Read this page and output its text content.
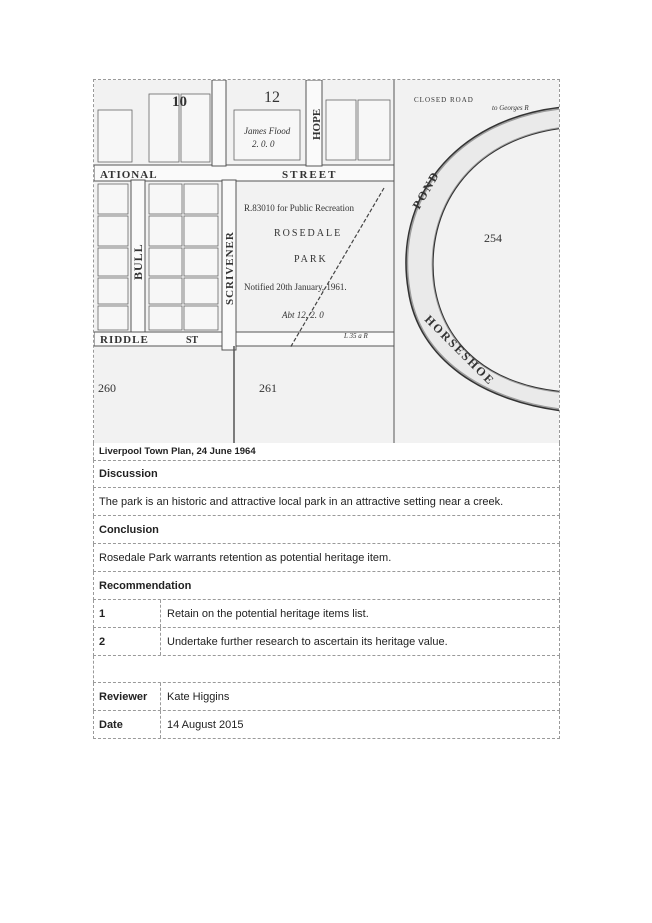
12
10
James Flood
2. 0. 0
HOPE
ATIONAL	STREET
BULL	SCRIVENER
RIDDLE	ST
R.83010 for Public Recreation
ROSEDALE
PARK
Notified 20th January, 1961.
Abt 12. 2. 0
L 35 a R
POND
HORSESHOE
254
261
260
CLOSED ROAD
to Georges R
Liverpool Town Plan, 24 June 1964
Discussion
The park is an historic and attractive local park in an attractive setting near a creek.
Conclusion
Rosedale Park warrants retention as potential heritage item.
Recommendation
1	Retain on the potential heritage items list.
2	Undertake further research to ascertain its heritage value.
Reviewer	Kate Higgins
Date	14 August 2015
